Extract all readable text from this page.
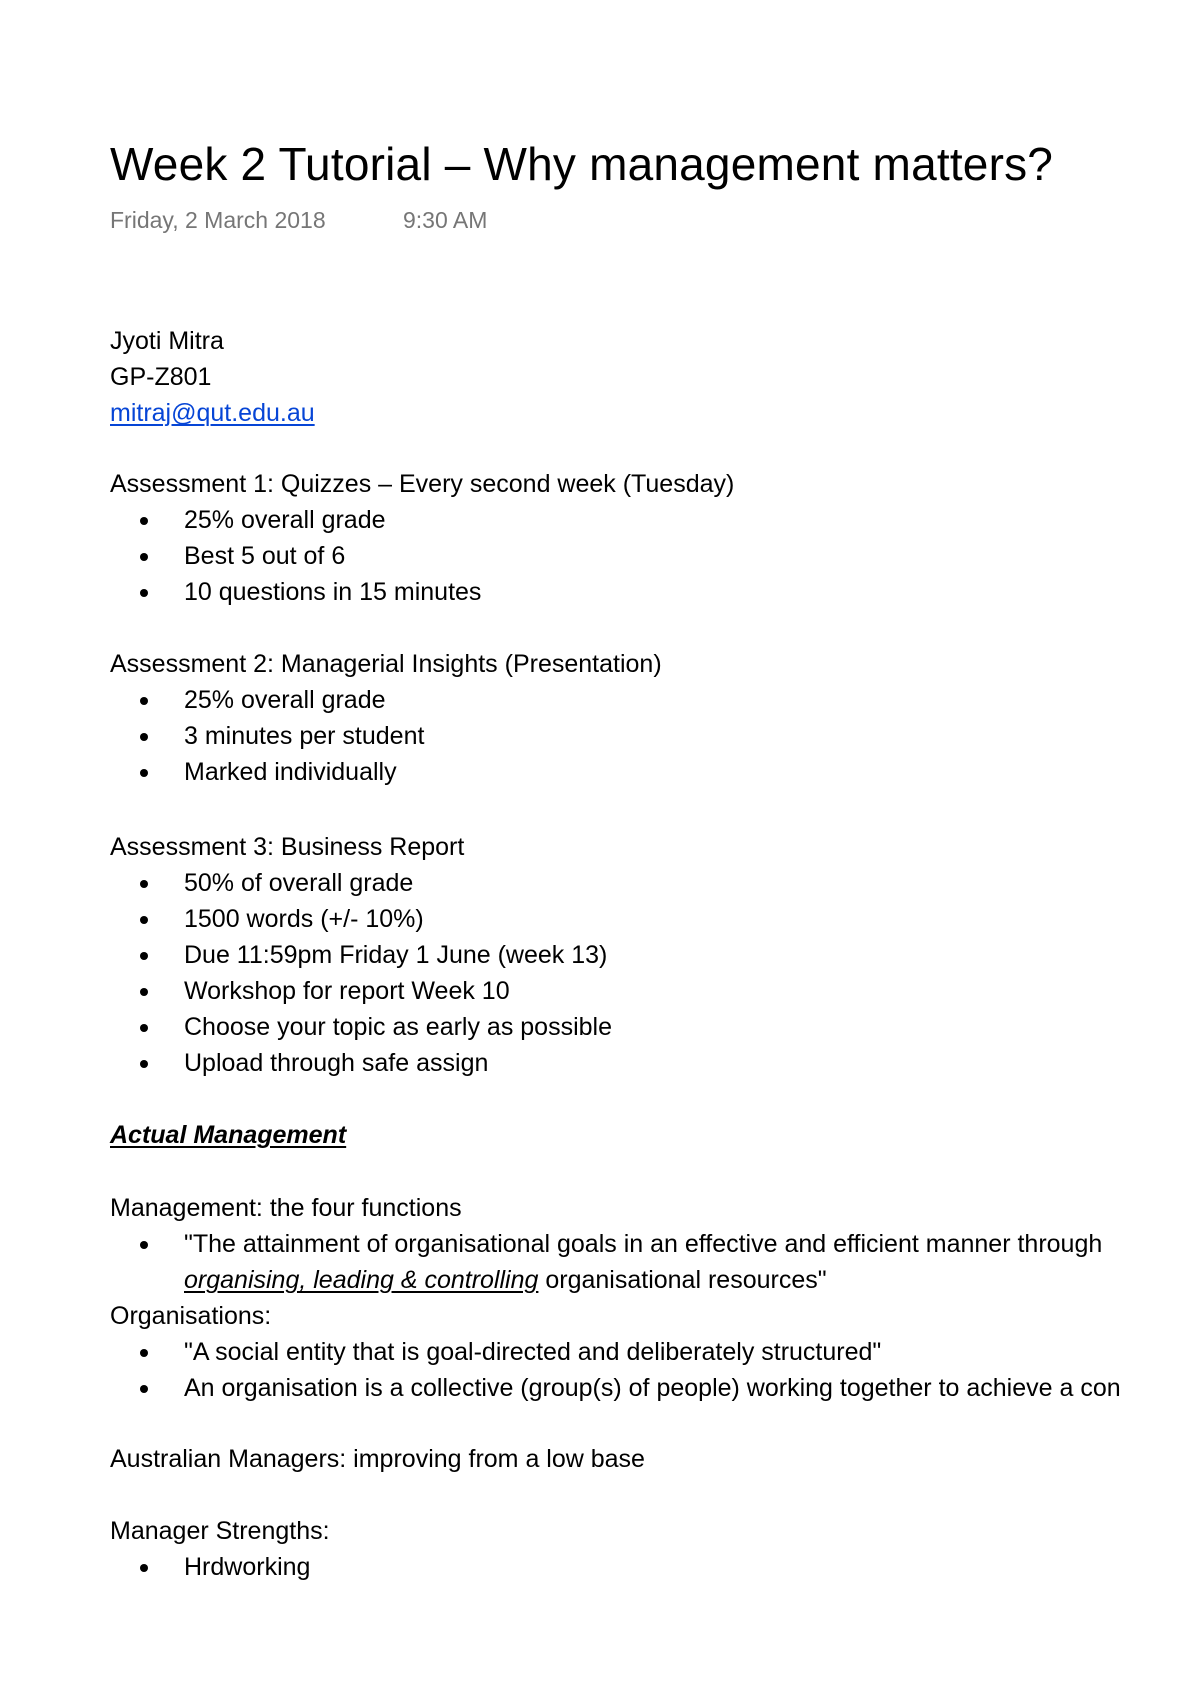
Week 2 Tutorial – Why management matters?
Friday, 2 March 2018	9:30 AM
Jyoti Mitra
GP-Z801
mitraj@qut.edu.au
Assessment 1: Quizzes – Every second week (Tuesday)
25% overall grade
Best 5 out of 6
10 questions in 15 minutes
Assessment 2: Managerial Insights (Presentation)
25% overall grade
3 minutes per student
Marked individually
Assessment 3: Business Report
50% of overall grade
1500 words (+/- 10%)
Due 11:59pm Friday 1 June (week 13)
Workshop for report Week 10
Choose your topic as early as possible
Upload through safe assign
Actual Management
Management: the four functions
"The attainment of organisational goals in an effective and efficient manner through
organising, leading & controlling organisational resources"
Organisations:
"A social entity that is goal-directed and deliberately structured"
An organisation is a collective (group(s) of people) working together to achieve a con
Australian Managers: improving from a low base
Manager Strengths:
Hrdworking
